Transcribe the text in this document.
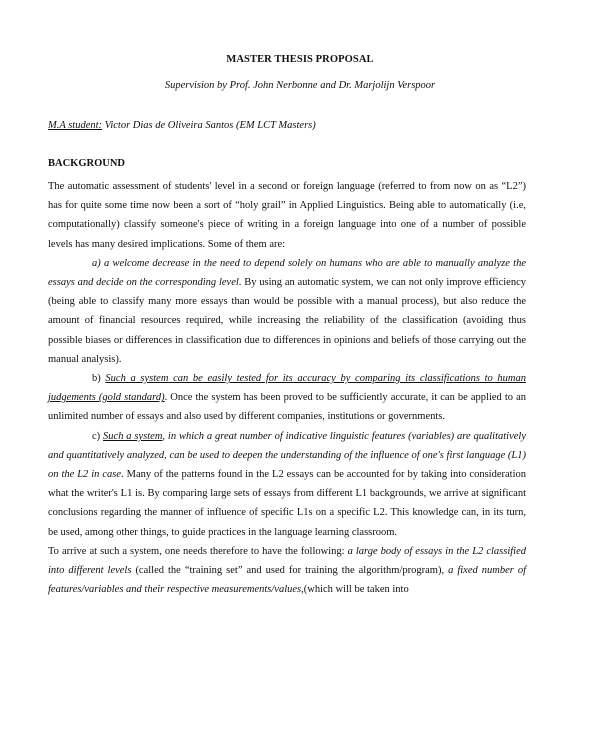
MASTER THESIS PROPOSAL
Supervision by Prof. John Nerbonne and Dr. Marjolijn Verspoor
M.A student: Victor Dias de Oliveira Santos (EM LCT Masters)
BACKGROUND

The automatic assessment of students' level in a second or foreign language (referred to from now on as “L2”) has for quite some time now been a sort of “holy grail” in Applied Linguistics. Being able to automatically (i.e, computationally) classify someone's piece of writing in a foreign language into one of a number of possible levels has many desired implications. Some of them are:

a) a welcome decrease in the need to depend solely on humans who are able to manually analyze the essays and decide on the corresponding level. By using an automatic system, we can not only improve efficiency (being able to classify many more essays than would be possible with a manual process), but also reduce the amount of financial resources required, while increasing the reliability of the classification (avoiding thus possible biases or differences in classification due to differences in opinions and beliefs of those carrying out the manual analysis).

b) Such a system can be easily tested for its accuracy by comparing its classifications to human judgements (gold standard). Once the system has been proved to be sufficiently accurate, it can be applied to an unlimited number of essays and also used by different companies, institutions or governments.

c) Such a system, in which a great number of indicative linguistic features (variables) are qualitatively and quantitatively analyzed, can be used to deepen the understanding of the influence of one's first language (L1) on the L2 in case. Many of the patterns found in the L2 essays can be accounted for by taking into consideration what the writer's L1 is. By comparing large sets of essays from different L1 backgrounds, we arrive at significant conclusions regarding the manner of influence of specific L1s on a specific L2. This knowledge can, in its turn, be used, among other things, to guide practices in the language learning classroom.

To arrive at such a system, one needs therefore to have the following: a large body of essays in the L2 classified into different levels (called the “training set” and used for training the algorithm/program), a fixed number of features/variables and their respective measurements/values,(which will be taken into
